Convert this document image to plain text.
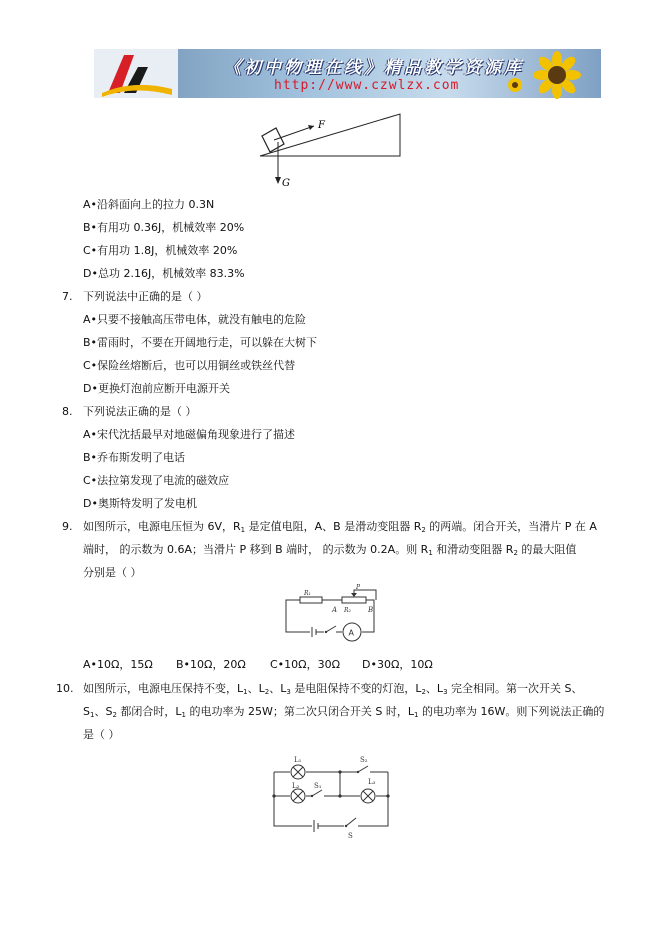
《初中物理在线》精品教学资源库
http://www.czwlzx.com
F
G
A•沿斜面向上的拉力 0.3N
B•有用功 0.36J，机械效率 20%
C•有用功 1.8J，机械效率 20%
D•总功 2.16J，机械效率 83.3%
7. 下列说法中正确的是（ ）
A•只要不接触高压带电体，就没有触电的危险
B•雷雨时，不要在开阔地行走，可以躲在大树下
C•保险丝熔断后，也可以用铜丝或铁丝代替
D•更换灯泡前应断开电源开关
8. 下列说法正确的是（ ）
A•宋代沈括最早对地磁偏角现象进行了描述
B•乔布斯发明了电话
C•法拉第发现了电流的磁效应
D•奥斯特发明了发电机
9. 如图所示，电源电压恒为 6V，$R_1$ 是定值电阻，A、B 是滑动变阻器 $R_2$ 的两端。闭合开关，当滑片 P 在 A
端时， 的示数为 0.6A；当滑片 P 移到 B 端时， 的示数为 0.2A。则 $R_1$ 和滑动变阻器 $R_2$ 的最大阻值
分别是（ ）
R₁
R₂
A	B
P
A
A•10Ω，15Ω B•10Ω，20Ω C•10Ω，30Ω D•30Ω，10Ω
10. 如图所示，电源电压保持不变，$L_1$、$L_2$、$L_3$ 是电阻保持不变的灯泡，$L_2$、$L_3$ 完全相同。第一次开关 S、
$S_1$、$S_2$ 都闭合时，$L_1$ 的电功率为 25W；第二次只闭合开关 S 时，$L_1$ 的电功率为 16W。则下列说法正确的
是（ ）
L₁
L₂	L₃
S₁
S₂
S
